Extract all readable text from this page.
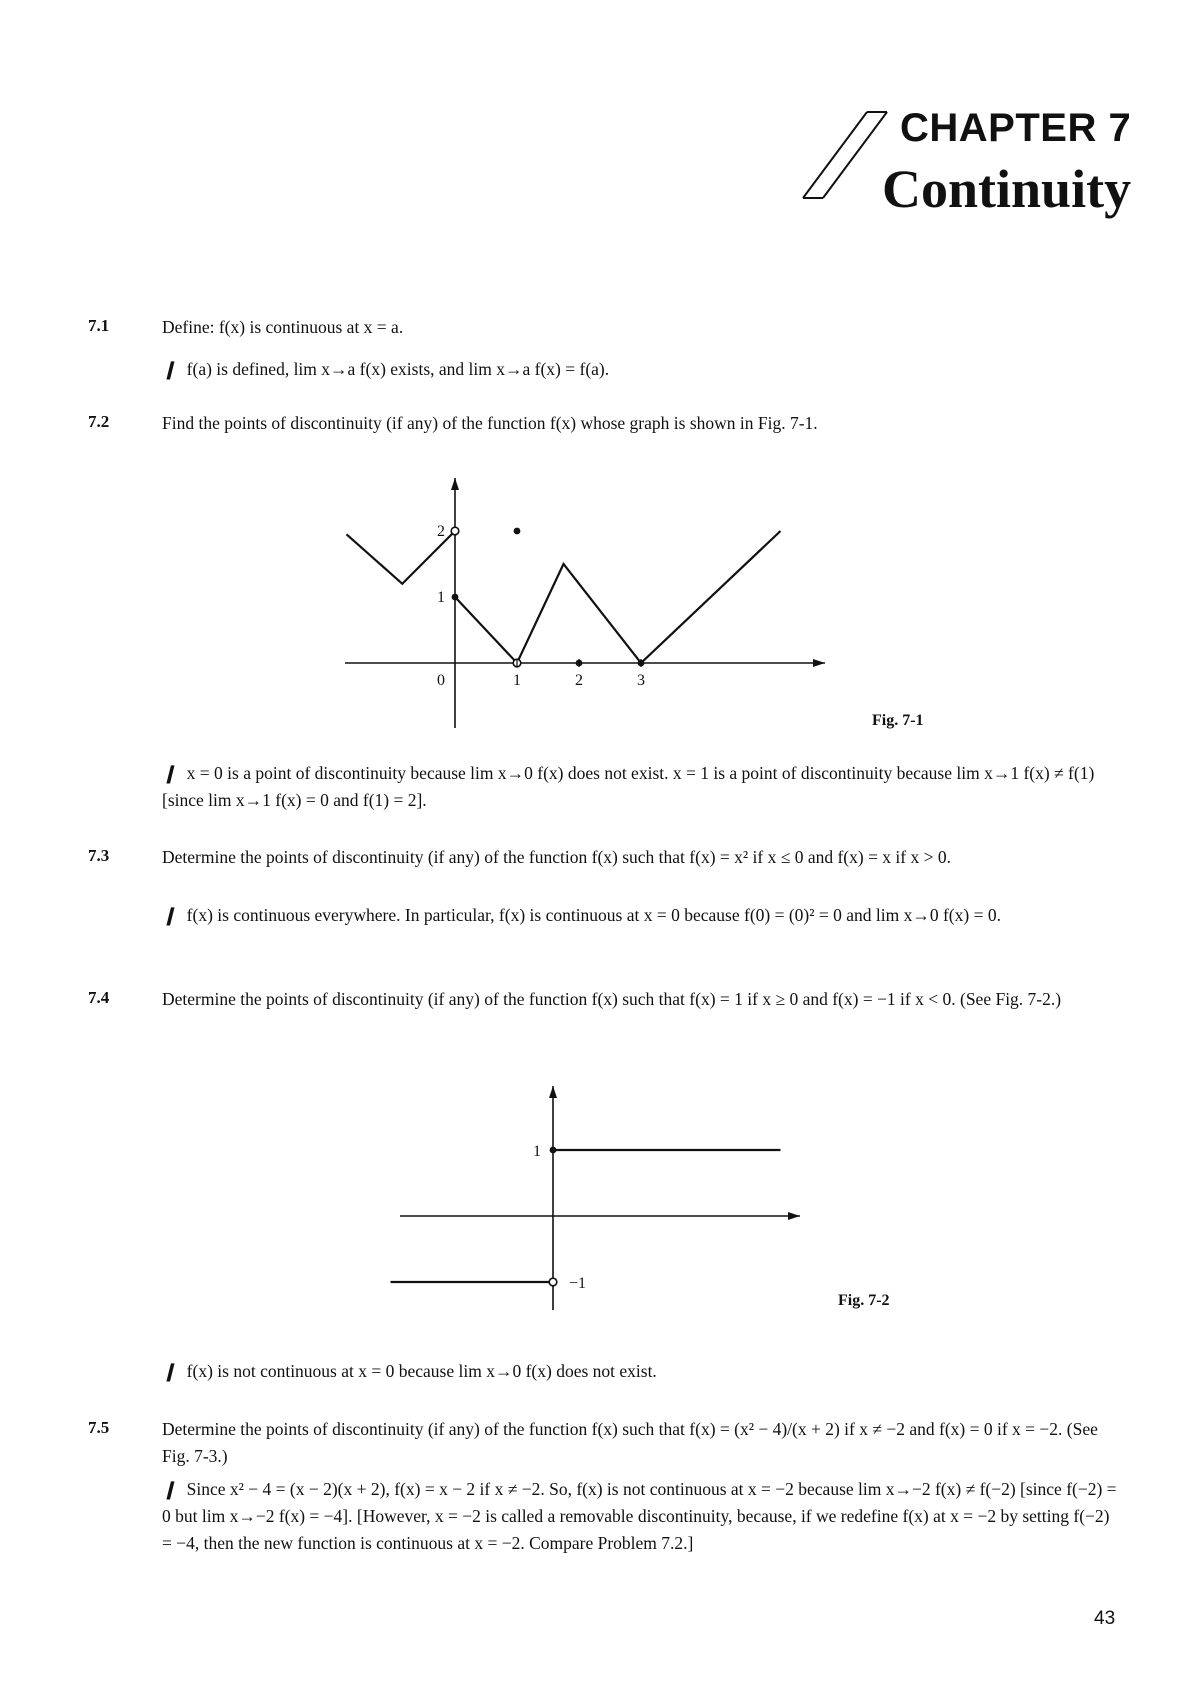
CHAPTER 7
Continuity
7.1	Define: f(x) is continuous at x = a.
❙ f(a) is defined, lim x→a f(x) exists, and lim x→a f(x) = f(a).
7.2	Find the points of discontinuity (if any) of the function f(x) whose graph is shown in Fig. 7-1.
0	1	2	3
1
2
Fig. 7-1
❙ x = 0 is a point of discontinuity because lim x→0 f(x) does not exist. x = 1 is a point of discontinuity because lim x→1 f(x) ≠ f(1) [since lim x→1 f(x) = 0 and f(1) = 2].
7.3	Determine the points of discontinuity (if any) of the function f(x) such that f(x) = x² if x ≤ 0 and f(x) = x if x > 0.
❙ f(x) is continuous everywhere. In particular, f(x) is continuous at x = 0 because f(0) = (0)² = 0 and lim x→0 f(x) = 0.
7.4	Determine the points of discontinuity (if any) of the function f(x) such that f(x) = 1 if x ≥ 0 and f(x) = −1 if x < 0. (See Fig. 7-2.)
1
−1
Fig. 7-2
❙ f(x) is not continuous at x = 0 because lim x→0 f(x) does not exist.
7.5	Determine the points of discontinuity (if any) of the function f(x) such that f(x) = (x² − 4)/(x + 2) if x ≠ −2 and f(x) = 0 if x = −2. (See Fig. 7-3.)
❙ Since x² − 4 = (x − 2)(x + 2), f(x) = x − 2 if x ≠ −2. So, f(x) is not continuous at x = −2 because lim x→−2 f(x) ≠ f(−2) [since f(−2) = 0 but lim x→−2 f(x) = −4]. [However, x = −2 is called a removable discontinuity, because, if we redefine f(x) at x = −2 by setting f(−2) = −4, then the new function is continuous at x = −2. Compare Problem 7.2.]
43
